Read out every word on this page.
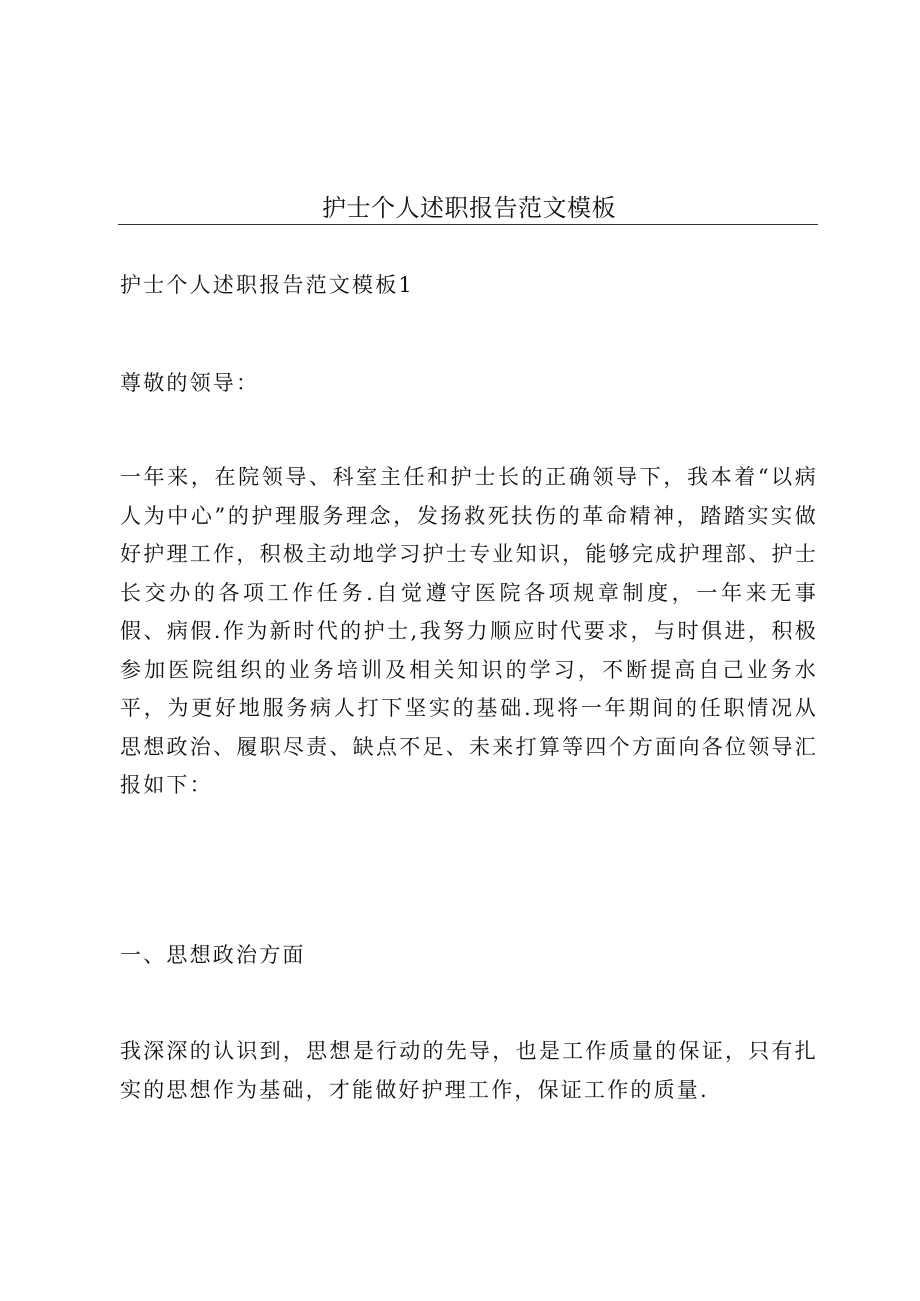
护士个人述职报告范文模板

护士个人述职报告范文模板1

尊敬的领导：

一年来，在院领导、科室主任和护士长的正确领导下，我本着“以病人为中心”的护理服务理念，发扬救死扶伤的革命精神，踏踏实实做好护理工作，积极主动地学习护士专业知识，能够完成护理部、护士长交办的各项工作任务.自觉遵守医院各项规章制度，一年来无事假、病假.作为新时代的护士,我努力顺应时代要求，与时俱进，积极参加医院组织的业务培训及相关知识的学习，不断提高自己业务水平，为更好地服务病人打下坚实的基础.现将一年期间的任职情况从思想政治、履职尽责、缺点不足、未来打算等四个方面向各位领导汇报如下：

一、思想政治方面

我深深的认识到，思想是行动的先导，也是工作质量的保证，只有扎实的思想作为基础，才能做好护理工作，保证工作的质量.
